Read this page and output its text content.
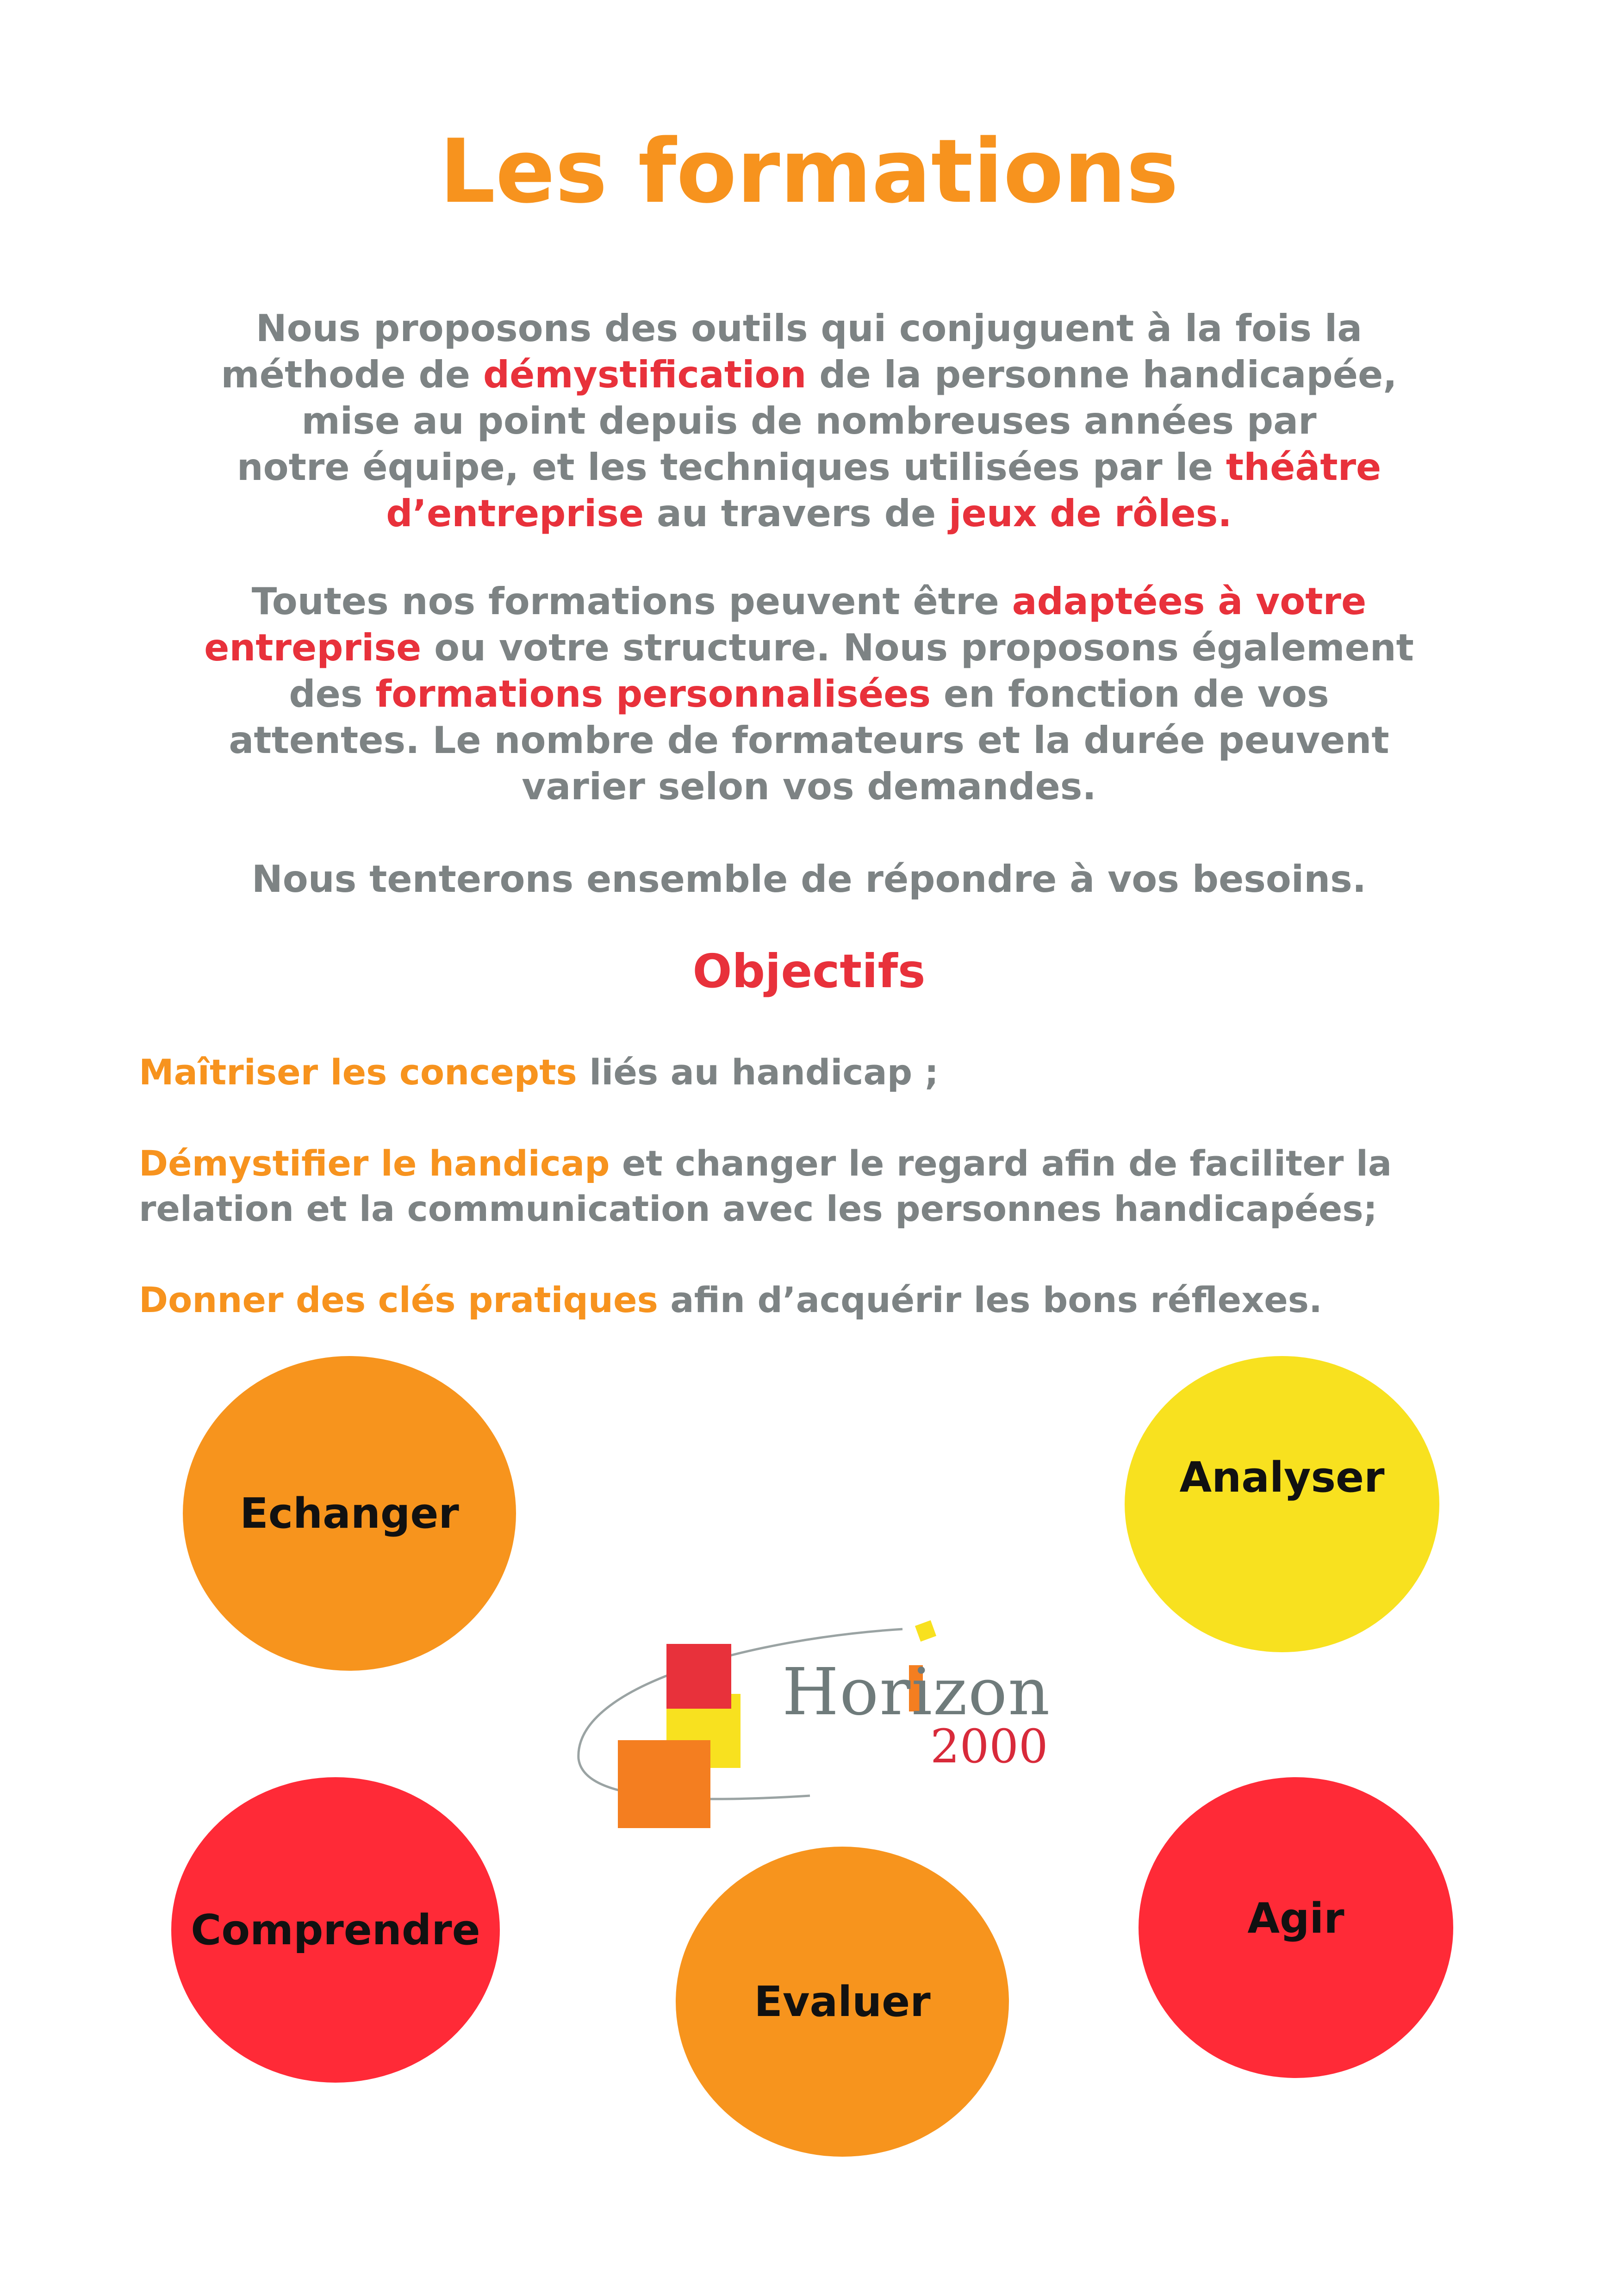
Les formations

Nous proposons des outils qui conjuguent à la fois la
méthode de démystification de la personne handicapée,
mise au point depuis de nombreuses années par
notre équipe, et les techniques utilisées par le théâtre
d’entreprise au travers de jeux de rôles.

Toutes nos formations peuvent être adaptées à votre
entreprise ou votre structure. Nous proposons également
des formations personnalisées en fonction de vos
attentes. Le nombre de formateurs et la durée peuvent
varier selon vos demandes.

Nous tenterons ensemble de répondre à vos besoins.

Objectifs

Maîtriser les concepts liés au handicap ;

Démystifier le handicap et changer le regard afin de faciliter la
relation et la communication avec les personnes handicapées;

Donner des clés pratiques afin d’acquérir les bons réflexes.

Echanger
Analyser
Comprendre
Evaluer
Agir
Horizon
2000
